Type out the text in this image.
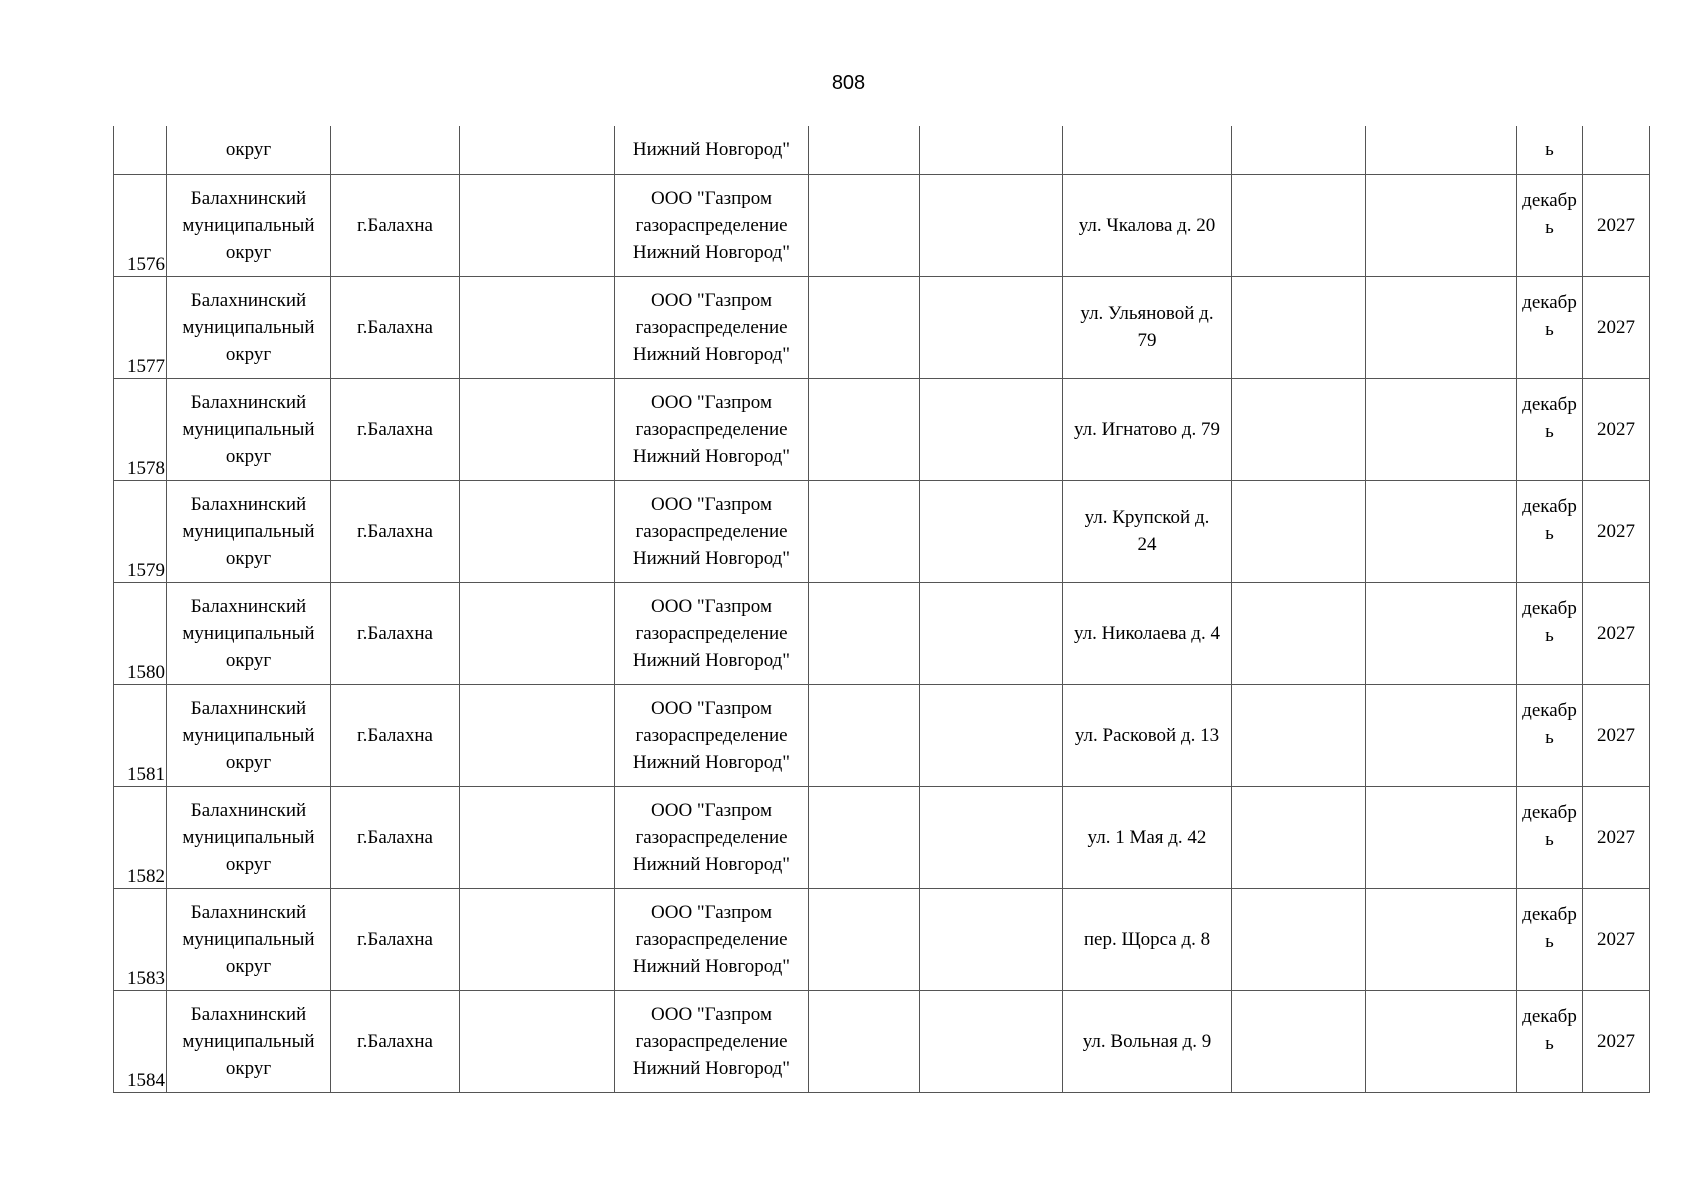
808
	округ			Нижний Новгород"						ь	
1576	Балахнинский муниципальный округ	г.Балахна		ООО "Газпром газораспределение Нижний Новгород"			ул. Чкалова д. 20			декабрь	2027
1577	Балахнинский муниципальный округ	г.Балахна		ООО "Газпром газораспределение Нижний Новгород"			ул. Ульяновой д. 79			декабрь	2027
1578	Балахнинский муниципальный округ	г.Балахна		ООО "Газпром газораспределение Нижний Новгород"			ул. Игнатово д. 79			декабрь	2027
1579	Балахнинский муниципальный округ	г.Балахна		ООО "Газпром газораспределение Нижний Новгород"			ул. Крупской д. 24			декабрь	2027
1580	Балахнинский муниципальный округ	г.Балахна		ООО "Газпром газораспределение Нижний Новгород"			ул. Николаева д. 4			декабрь	2027
1581	Балахнинский муниципальный округ	г.Балахна		ООО "Газпром газораспределение Нижний Новгород"			ул. Расковой д. 13			декабрь	2027
1582	Балахнинский муниципальный округ	г.Балахна		ООО "Газпром газораспределение Нижний Новгород"			ул. 1 Мая д. 42			декабрь	2027
1583	Балахнинский муниципальный округ	г.Балахна		ООО "Газпром газораспределение Нижний Новгород"			пер. Щорса д. 8			декабрь	2027
1584	Балахнинский муниципальный округ	г.Балахна		ООО "Газпром газораспределение Нижний Новгород"			ул. Вольная д. 9			декабрь	2027
